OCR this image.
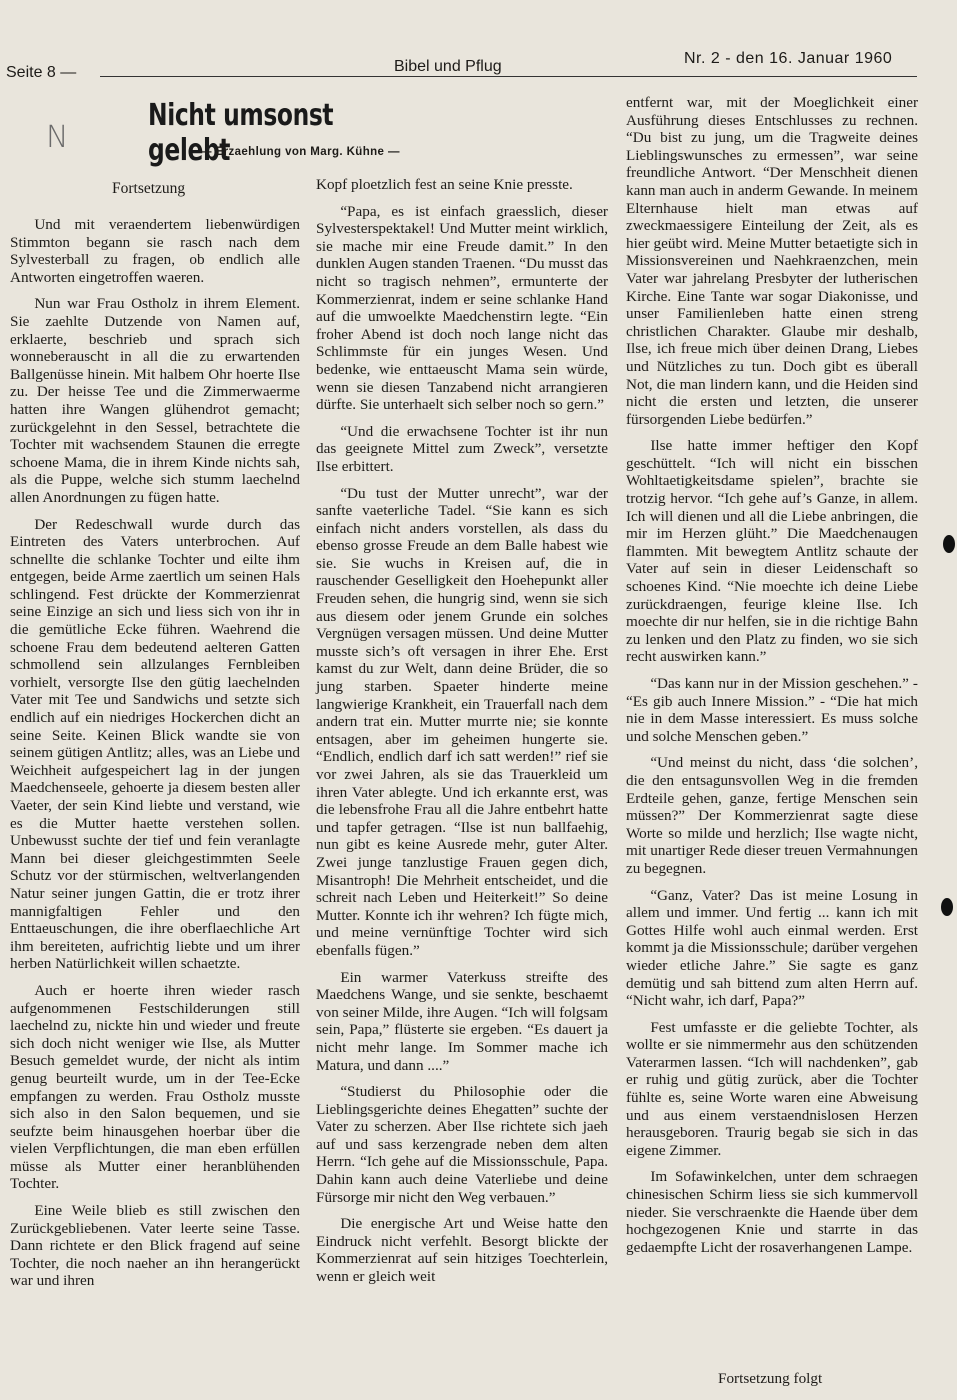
Seite 8 —	Bibel und Pflug	Nr. 2 - den 16. Januar 1960
N
Nicht umsonst gelebt
— Erzaehlung von Marg. Kühne —
Fortsetzung

Und mit veraendertem liebenwürdigen Stimmton begann sie rasch nach dem Sylvesterball zu fragen, ob endlich alle Antworten eingetroffen waeren.

Nun war Frau Ostholz in ihrem Element. Sie zaehlte Dutzende von Namen auf, erklaerte, beschrieb und sprach sich wonneberauscht in all die zu erwartenden Ballgenüsse hinein. Mit halbem Ohr hoerte Ilse zu. Der heisse Tee und die Zimmerwaerme hatten ihre Wangen glühendrot gemacht; zurückgelehnt in den Sessel, betrachtete die Tochter mit wachsendem Staunen die erregte schoene Mama, die in ihrem Kinde nichts sah, als die Puppe, welche sich stumm laechelnd allen Anordnungen zu fügen hatte.

Der Redeschwall wurde durch das Eintreten des Vaters unterbrochen. Auf schnellte die schlanke Tochter und eilte ihm entgegen, beide Arme zaertlich um seinen Hals schlingend. Fest drückte der Kommerzienrat seine Einzige an sich und liess sich von ihr in die gemütliche Ecke führen. Waehrend die schoene Frau dem bedeutend aelteren Gatten schmollend sein allzulanges Fernbleiben vorhielt, versorgte Ilse den gütig laechelnden Vater mit Tee und Sandwichs und setzte sich endlich auf ein niedriges Hockerchen dicht an seine Seite. Keinen Blick wandte sie von seinem gütigen Antlitz; alles, was an Liebe und Weichheit aufgespeichert lag in der jungen Maedchenseele, gehoerte ja diesem besten aller Vaeter, der sein Kind liebte und verstand, wie es die Mutter haette verstehen sollen. Unbewusst suchte der tief und fein veranlagte Mann bei dieser gleichgestimmten Seele Schutz vor der stürmischen, weltverlangenden Natur seiner jungen Gattin, die er trotz ihrer mannigfaltigen Fehler und den Enttaeuschungen, die ihre oberflaechliche Art ihm bereiteten, aufrichtig liebte und um ihrer herben Natürlichkeit willen schaetzte.

Auch er hoerte ihren wieder rasch aufgenommenen Festschilderungen still laechelnd zu, nickte hin und wieder und freute sich doch nicht weniger wie Ilse, als Mutter Besuch gemeldet wurde, der nicht als intim genug beurteilt wurde, um in der Tee-Ecke empfangen zu werden. Frau Ostholz musste sich also in den Salon bequemen, und sie seufzte beim hinausgehen hoerbar über die vielen Verpflichtungen, die man eben erfüllen müsse als Mutter einer heranblühenden Tochter.

Eine Weile blieb es still zwischen den Zurückgebliebenen. Vater leerte seine Tasse. Dann richtete er den Blick fragend auf seine Tochter, die noch naeher an ihn herangerückt war und ihren

Kopf ploetzlich fest an seine Knie presste.

“Papa, es ist einfach graesslich, dieser Sylvesterspektakel! Und Mutter meint wirklich, sie mache mir eine Freude damit.” In den dunklen Augen standen Traenen. “Du musst das nicht so tragisch nehmen”, ermunterte der Kommerzienrat, indem er seine schlanke Hand auf die umwoelkte Maedchenstirn legte. “Ein froher Abend ist doch noch lange nicht das Schlimmste für ein junges Wesen. Und bedenke, wie enttaeuscht Mama sein würde, wenn sie diesen Tanzabend nicht arrangieren dürfte. Sie unterhaelt sich selber noch so gern.”

“Und die erwachsene Tochter ist ihr nun das geeignete Mittel zum Zweck”, versetzte Ilse erbittert.

“Du tust der Mutter unrecht”, war der sanfte vaeterliche Tadel. “Sie kann es sich einfach nicht anders vorstellen, als dass du ebenso grosse Freude an dem Balle habest wie sie. Sie wuchs in Kreisen auf, die in rauschender Geselligkeit den Hoehepunkt aller Freuden sehen, die hungrig sind, wenn sie sich aus diesem oder jenem Grunde ein solches Vergnügen versagen müssen. Und deine Mutter musste sich’s oft versagen in ihrer Ehe. Erst kamst du zur Welt, dann deine Brüder, die so jung starben. Spaeter hinderte meine langwierige Krankheit, ein Trauerfall nach dem andern trat ein. Mutter murrte nie; sie konnte entsagen, aber im geheimen hungerte sie. “Endlich, endlich darf ich satt werden!” rief sie vor zwei Jahren, als sie das Trauerkleid um ihren Vater ablegte. Und ich erkannte erst, was die lebensfrohe Frau all die Jahre entbehrt hatte und tapfer getragen. “Ilse ist nun ballfaehig, nun gibt es keine Ausrede mehr, guter Alter. Zwei junge tanzlustige Frauen gegen dich, Misantroph! Die Mehrheit entscheidet, und die schreit nach Leben und Heiterkeit!” So deine Mutter. Konnte ich ihr wehren? Ich fügte mich, und meine vernünftige Tochter wird sich ebenfalls fügen.”

Ein warmer Vaterkuss streifte des Maedchens Wange, und sie senkte, beschaemt von seiner Milde, ihre Augen. “Ich will folgsam sein, Papa,” flüsterte sie ergeben. “Es dauert ja nicht mehr lange. Im Sommer mache ich Matura, und dann ....”

“Studierst du Philosophie oder die Lieblingsgerichte deines Ehegatten” suchte der Vater zu scherzen. Aber Ilse richtete sich jaeh auf und sass kerzengrade neben dem alten Herrn. “Ich gehe auf die Missionsschule, Papa. Dahin kann auch deine Vaterliebe und deine Fürsorge mir nicht den Weg verbauen.”

Die energische Art und Weise hatte den Eindruck nicht verfehlt. Besorgt blickte der Kommerzienrat auf sein hitziges Toechterlein, wenn er gleich weit

entfernt war, mit der Moeglichkeit einer Ausführung dieses Entschlusses zu rechnen. “Du bist zu jung, um die Tragweite deines Lieblingswunsches zu ermessen”, war seine freundliche Antwort. “Der Menschheit dienen kann man auch in anderm Gewande. In meinem Elternhause hielt man etwas auf zweckmaessigere Einteilung der Zeit, als es hier geübt wird. Meine Mutter betaetigte sich in Missionsvereinen und Naehkraenzchen, mein Vater war jahrelang Presbyter der lutherischen Kirche. Eine Tante war sogar Diakonisse, und unser Familienleben hatte einen streng christlichen Charakter. Glaube mir deshalb, Ilse, ich freue mich über deinen Drang, Liebes und Nützliches zu tun. Doch gibt es überall Not, die man lindern kann, und die Heiden sind nicht die ersten und letzten, die unserer fürsorgenden Liebe bedürfen.”

Ilse hatte immer heftiger den Kopf geschüttelt. “Ich will nicht ein bisschen Wohltaetigkeitsdame spielen”, brachte sie trotzig hervor. “Ich gehe auf’s Ganze, in allem. Ich will dienen und all die Liebe anbringen, die mir im Herzen glüht.” Die Maedchenaugen flammten. Mit bewegtem Antlitz schaute der Vater auf sein in dieser Leidenschaft so schoenes Kind. “Nie moechte ich deine Liebe zurückdraengen, feurige kleine Ilse. Ich moechte dir nur helfen, sie in die richtige Bahn zu lenken und den Platz zu finden, wo sie sich recht auswirken kann.”

“Das kann nur in der Mission geschehen.” - “Es gib auch Innere Mission.” - “Die hat mich nie in dem Masse interessiert. Es muss solche und solche Menschen geben.”

“Und meinst du nicht, dass ‘die solchen’, die den entsagunsvollen Weg in die fremden Erdteile gehen, ganze, fertige Menschen sein müssen?” Der Kommerzienrat sagte diese Worte so milde und herzlich; Ilse wagte nicht, mit unartiger Rede dieser treuen Vermahnungen zu begegnen.

“Ganz, Vater? Das ist meine Losung in allem und immer. Und fertig ... kann ich mit Gottes Hilfe wohl auch einmal werden. Erst kommt ja die Missionsschule; darüber vergehen wieder etliche Jahre.” Sie sagte es ganz demütig und sah bittend zum alten Herrn auf. “Nicht wahr, ich darf, Papa?”

Fest umfasste er die geliebte Tochter, als wollte er sie nimmermehr aus den schützenden Vaterarmen lassen. “Ich will nachdenken”, gab er ruhig und gütig zurück, aber die Tochter fühlte es, seine Worte waren eine Abweisung und aus einem verstaendnislosen Herzen herausgeboren. Traurig begab sie sich in das eigene Zimmer.

Im Sofawinkelchen, unter dem schraegen chinesischen Schirm liess sie sich kummervoll nieder. Sie verschraenkte die Haende über dem hochgezogenen Knie und starrte in das gedaempfte Licht der rosaverhangenen Lampe.

Fortsetzung folgt
